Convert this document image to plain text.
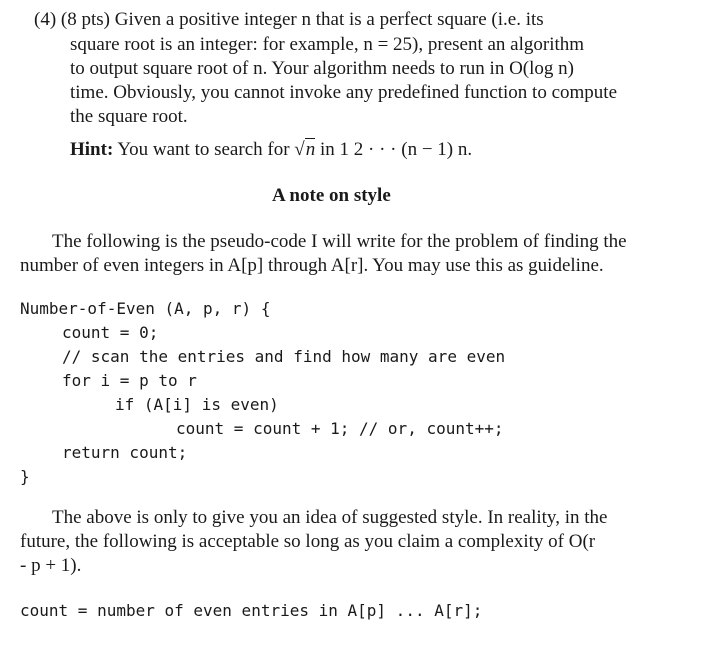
(4) (8 pts) Given a positive integer n that is a perfect square (i.e. its
square root is an integer: for example, n = 25), present an algorithm
to output square root of n. Your algorithm needs to run in O(log n)
time. Obviously, you cannot invoke any predefined function to compute
the square root.
Hint: You want to search for √n in 1 2 · · · (n − 1) n.
A note on style
The following is the pseudo-code I will write for the problem of finding the
number of even integers in A[p] through A[r]. You may use this as guideline.

Number-of-Even (A, p, r) {

count = 0;

// scan the entries and find how many are even

for i = p to r

if (A[i] is even)

count = count + 1; // or, count++;

return count;

}

The above is only to give you an idea of suggested style. In reality, in the
future, the following is acceptable so long as you claim a complexity of O(r
- p + 1).
count = number of even entries in A[p] ... A[r];
